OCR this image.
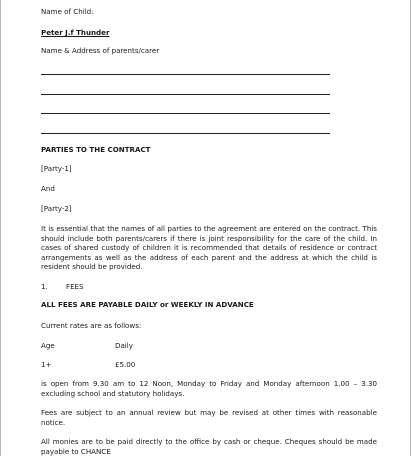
Name of Child:
Peter J.f Thunder
Name & Address of parents/carer
PARTIES TO THE CONTRACT
[Party-1]
And
[Party-2]
It is essential that the names of all parties to the agreement are entered on the contract. This should include both parents/carers if there is joint responsibility for the care of the child. In cases of shared custody of children it is recommended that details of residence or contract arrangements as well as the address of each parent and the address at which the child is resident should be provided.
1.	FEES
ALL FEES ARE PAYABLE DAILY or WEEKLY IN ADVANCE
Current rates are as follows:
Age	Daily
1+	£5.00
is open from 9.30 am to 12 Noon, Monday to Friday and Monday afternoon 1.00 – 3.30 excluding school and statutory holidays.
Fees are subject to an annual review but may be revised at other times with reasonable notice.
All monies are to be paid directly to the office by cash or cheque. Cheques should be made payable to CHANCE
